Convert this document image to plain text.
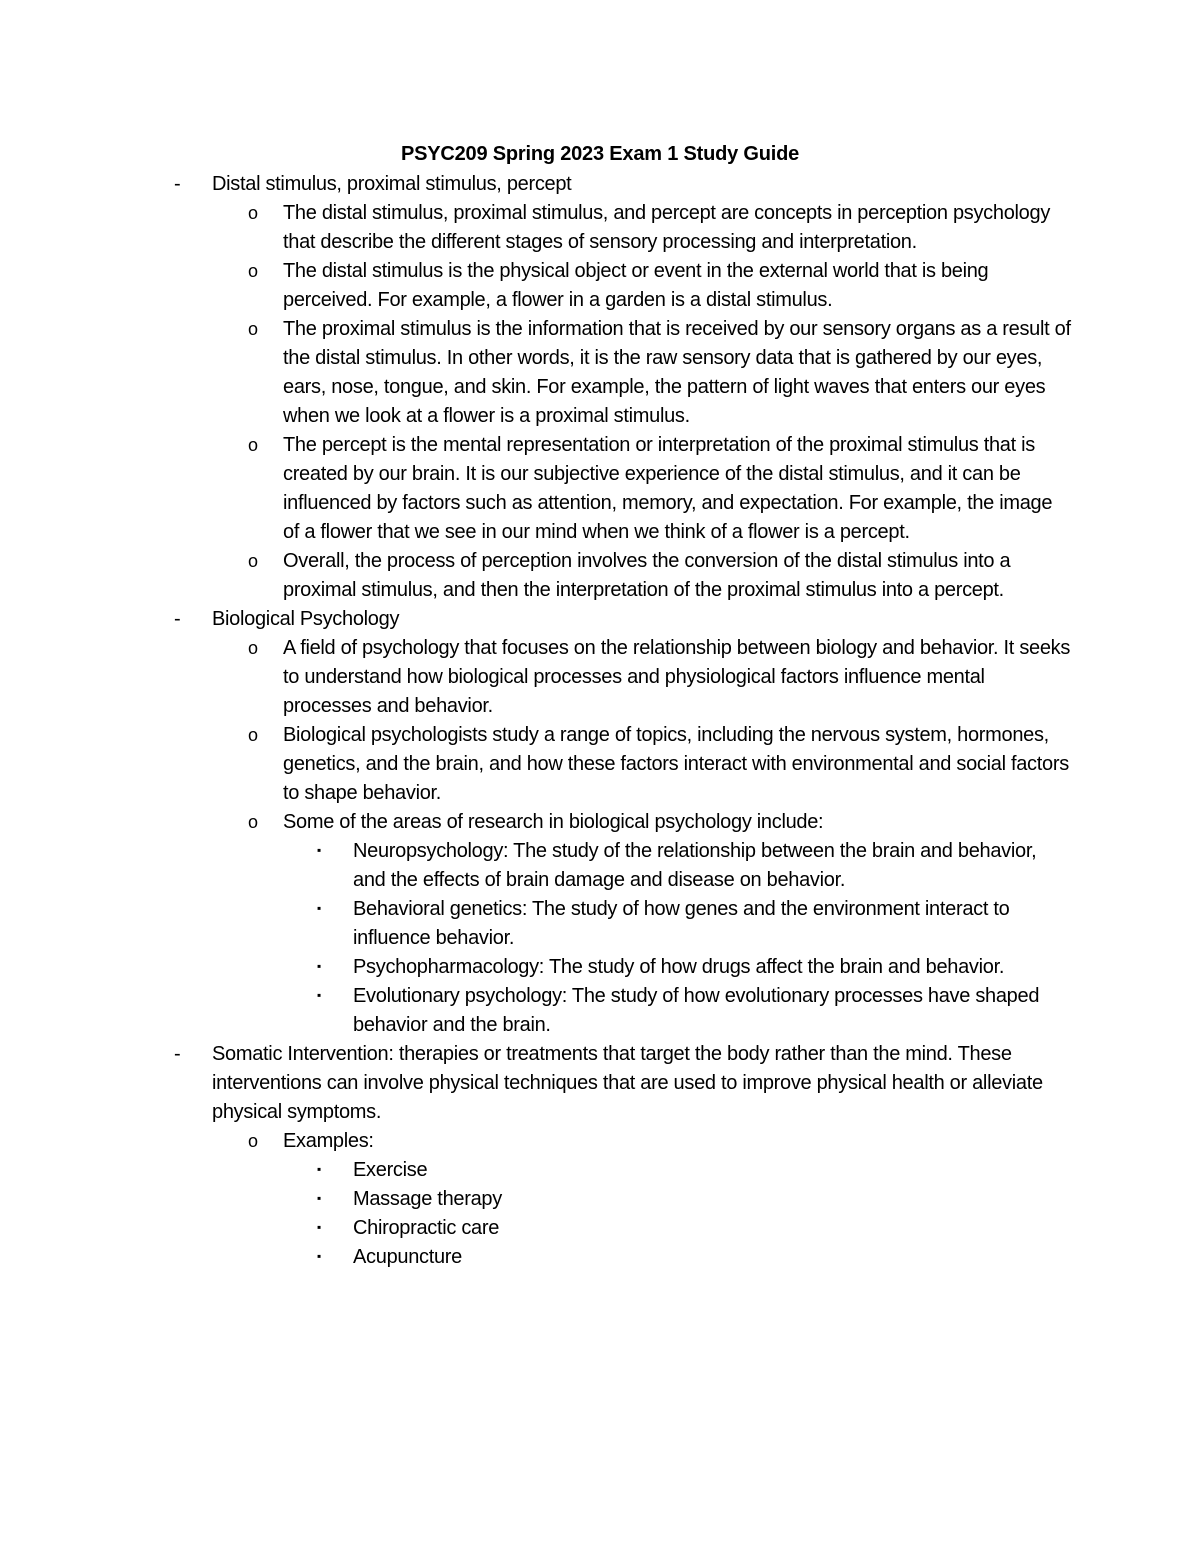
PSYC209 Spring 2023 Exam 1 Study Guide
- Distal stimulus, proximal stimulus, percept
o The distal stimulus, proximal stimulus, and percept are concepts in perception psychology that describe the different stages of sensory processing and interpretation.
o The distal stimulus is the physical object or event in the external world that is being perceived. For example, a flower in a garden is a distal stimulus.
o The proximal stimulus is the information that is received by our sensory organs as a result of the distal stimulus. In other words, it is the raw sensory data that is gathered by our eyes, ears, nose, tongue, and skin. For example, the pattern of light waves that enters our eyes when we look at a flower is a proximal stimulus.
o The percept is the mental representation or interpretation of the proximal stimulus that is created by our brain. It is our subjective experience of the distal stimulus, and it can be influenced by factors such as attention, memory, and expectation. For example, the image of a flower that we see in our mind when we think of a flower is a percept.
o Overall, the process of perception involves the conversion of the distal stimulus into a proximal stimulus, and then the interpretation of the proximal stimulus into a percept.
- Biological Psychology
o A field of psychology that focuses on the relationship between biology and behavior. It seeks to understand how biological processes and physiological factors influence mental processes and behavior.
o Biological psychologists study a range of topics, including the nervous system, hormones, genetics, and the brain, and how these factors interact with environmental and social factors to shape behavior.
o Some of the areas of research in biological psychology include:
▪ Neuropsychology: The study of the relationship between the brain and behavior, and the effects of brain damage and disease on behavior.
▪ Behavioral genetics: The study of how genes and the environment interact to influence behavior.
▪ Psychopharmacology: The study of how drugs affect the brain and behavior.
▪ Evolutionary psychology: The study of how evolutionary processes have shaped behavior and the brain.
- Somatic Intervention: therapies or treatments that target the body rather than the mind. These interventions can involve physical techniques that are used to improve physical health or alleviate physical symptoms.
o Examples:
▪ Exercise
▪ Massage therapy
▪ Chiropractic care
▪ Acupuncture
